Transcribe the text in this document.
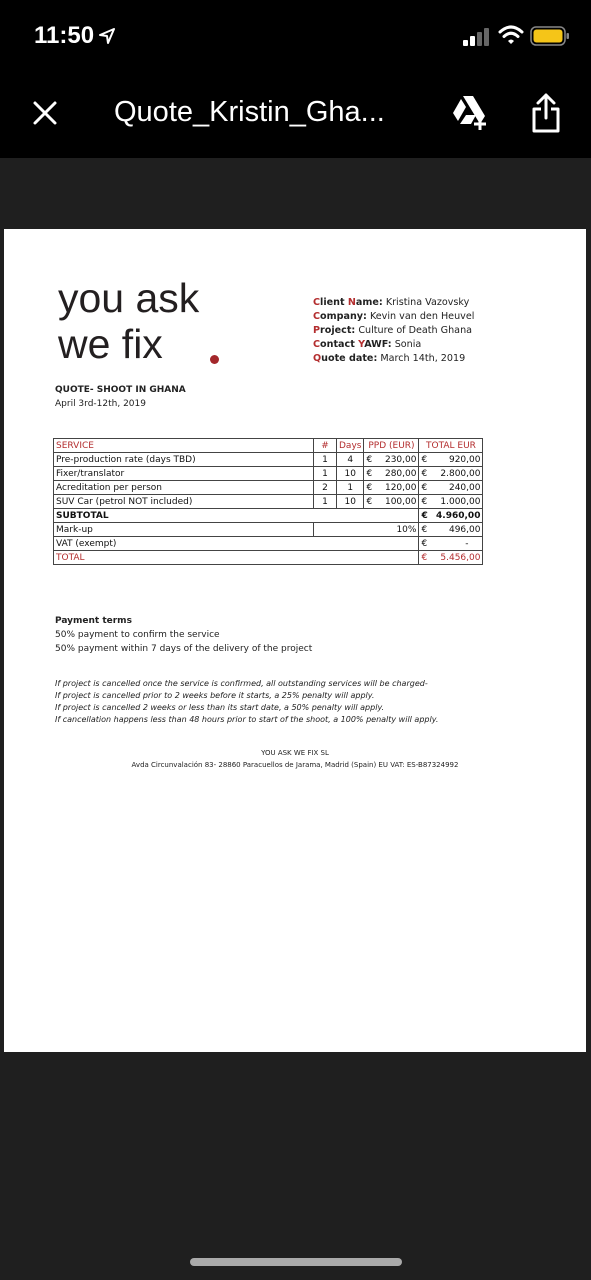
11:50
Quote_Kristin_Gha...
you ask
we fix
Client Name: Kristina Vazovsky
Company: Kevin van den Heuvel
Project: Culture of Death Ghana
Contact YAWF: Sonia
Quote date: March 14th, 2019
QUOTE- SHOOT IN GHANA
April 3rd-12th, 2019
SERVICE	#	Days	PPD (EUR)	TOTAL EUR
Pre-production rate (days TBD)	1	4	€ 230,00	€ 920,00

Fixer/translator	1	10	€ 280,00	€ 2.800,00

Acreditation per person	2	1	€ 120,00	€ 240,00

SUV Car (petrol NOT included)	1	10	€ 100,00	€ 1.000,00

SUBTOTAL				€ 4.960,00

Mark-up	10%			€ 496,00

VAT (exempt)				€ -

TOTAL				€ 5.456,00
Payment terms
50% payment to confirm the service
50% payment within 7 days of the delivery of the project
If project is cancelled once the service is confirmed, all outstanding services will be charged-
If project is cancelled prior to 2 weeks before it starts, a 25% penalty will apply.
If project is cancelled 2 weeks or less than its start date, a 50% penalty will apply.
If cancellation happens less than 48 hours prior to start of the shoot, a 100% penalty will apply.
YOU ASK WE FIX SL
Avda Circunvalación 83- 28860 Paracuellos de Jarama, Madrid (Spain) EU VAT: ES-B87324992
